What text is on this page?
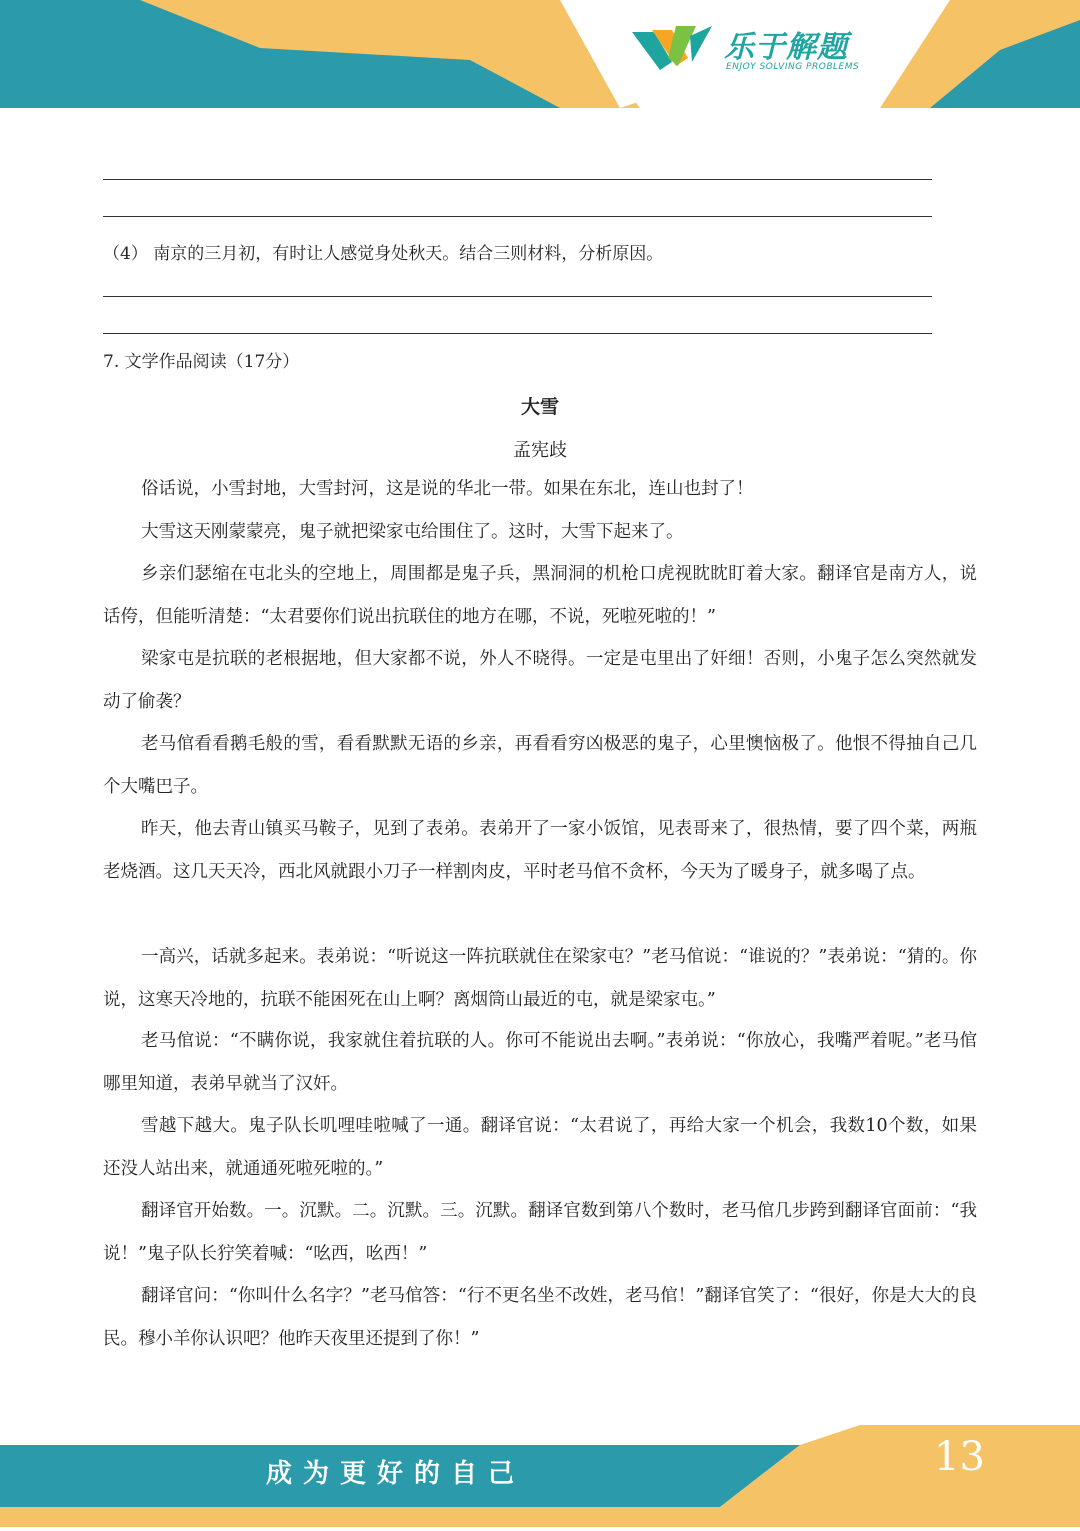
乐于解题
ENJOY SOLVING PROBLEMS
（4） 南京的三月初，有时让人感觉身处秋天。结合三则材料，分析原因。
7. 文学作品阅读（17分）
大雪
孟宪歧

俗话说，小雪封地，大雪封河，这是说的华北一带。如果在东北，连山也封了！

大雪这天刚蒙蒙亮，鬼子就把梁家屯给围住了。这时，大雪下起来了。

乡亲们瑟缩在屯北头的空地上，周围都是鬼子兵，黑洞洞的机枪口虎视眈眈盯着大家。翻译官是南方人，说话侉，但能听清楚：“太君要你们说出抗联住的地方在哪，不说，死啦死啦的！”

梁家屯是抗联的老根据地，但大家都不说，外人不晓得。一定是屯里出了奸细！否则，小鬼子怎么突然就发动了偷袭？

老马倌看看鹅毛般的雪，看看默默无语的乡亲，再看看穷凶极恶的鬼子，心里懊恼极了。他恨不得抽自己几个大嘴巴子。

昨天，他去青山镇买马鞍子，见到了表弟。表弟开了一家小饭馆，见表哥来了，很热情，要了四个菜，两瓶老烧酒。这几天天冷，西北风就跟小刀子一样割肉皮，平时老马倌不贪杯，今天为了暖身子，就多喝了点。

一高兴，话就多起来。表弟说：“听说这一阵抗联就住在梁家屯？”老马倌说：“谁说的？”表弟说：“猜的。你说，这寒天冷地的，抗联不能困死在山上啊？离烟筒山最近的屯，就是梁家屯。”

老马倌说：“不瞒你说，我家就住着抗联的人。你可不能说出去啊。”表弟说：“你放心，我嘴严着呢。”老马倌哪里知道，表弟早就当了汉奸。

雪越下越大。鬼子队长叽哩哇啦喊了一通。翻译官说：“太君说了，再给大家一个机会，我数10个数，如果还没人站出来，就通通死啦死啦的。”

翻译官开始数。一。沉默。二。沉默。三。沉默。翻译官数到第八个数时，老马倌几步跨到翻译官面前：“我说！”鬼子队长狞笑着喊：“吆西，吆西！”

翻译官问：“你叫什么名字？”老马倌答：“行不更名坐不改姓，老马倌！”翻译官笑了：“很好，你是大大的良民。穆小羊你认识吧？他昨天夜里还提到了你！”

成为更好的自己	13
